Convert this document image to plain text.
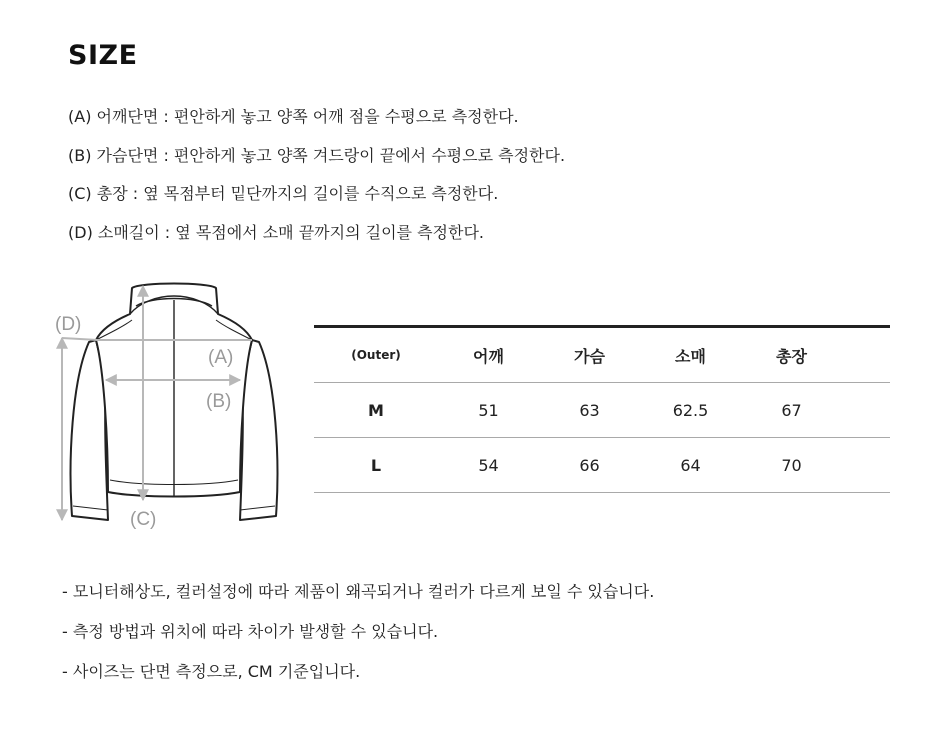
SIZE
(A) 어깨단면 : 편안하게 놓고 양쪽 어깨 점을 수평으로 측정한다.
(B) 가슴단면 : 편안하게 놓고 양쪽 겨드랑이 끝에서 수평으로 측정한다.
(C) 총장 : 옆 목점부터 밑단까지의 길이를 수직으로 측정한다.
(D) 소매길이 : 옆 목점에서 소매 끝까지의 길이를 측정한다.
(A)
(B)
(C)
(D)
(Outer)	어깨	가슴	소매	총장
M	51	63	62.5	67
L	54	66	64	70
- 모니터해상도, 컬러설정에 따라 제품이 왜곡되거나 컬러가 다르게 보일 수 있습니다.
- 측정 방법과 위치에 따라 차이가 발생할 수 있습니다.
- 사이즈는 단면 측정으로, CM 기준입니다.
